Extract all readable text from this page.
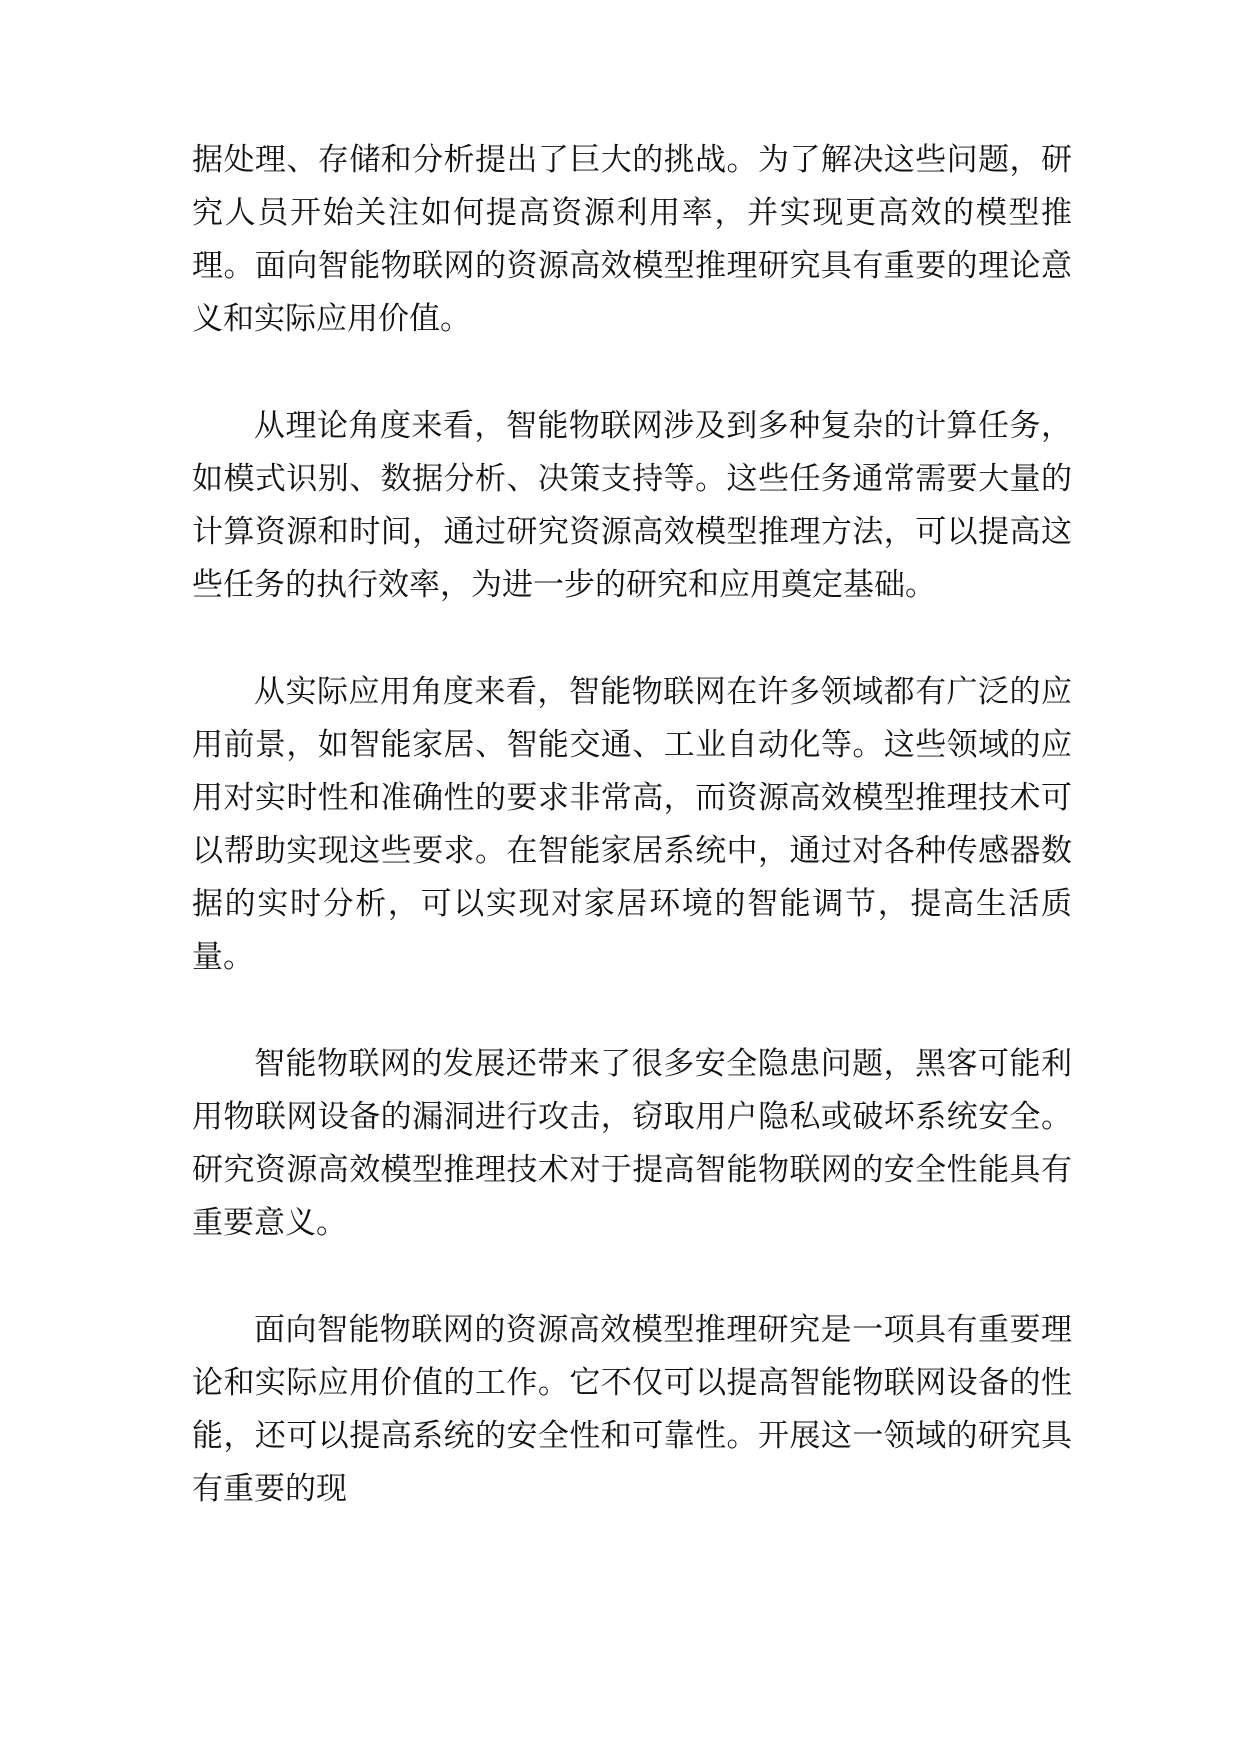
据处理、存储和分析提出了巨大的挑战。为了解决这些问题，研究人员开始关注如何提高资源利用率，并实现更高效的模型推理。面向智能物联网的资源高效模型推理研究具有重要的理论意义和实际应用价值。

从理论角度来看，智能物联网涉及到多种复杂的计算任务，如模式识别、数据分析、决策支持等。这些任务通常需要大量的计算资源和时间，通过研究资源高效模型推理方法，可以提高这些任务的执行效率，为进一步的研究和应用奠定基础。

从实际应用角度来看，智能物联网在许多领域都有广泛的应用前景，如智能家居、智能交通、工业自动化等。这些领域的应用对实时性和准确性的要求非常高，而资源高效模型推理技术可以帮助实现这些要求。在智能家居系统中，通过对各种传感器数据的实时分析，可以实现对家居环境的智能调节，提高生活质量。

智能物联网的发展还带来了很多安全隐患问题，黑客可能利用物联网设备的漏洞进行攻击，窃取用户隐私或破坏系统安全。研究资源高效模型推理技术对于提高智能物联网的安全性能具有重要意义。

面向智能物联网的资源高效模型推理研究是一项具有重要理论和实际应用价值的工作。它不仅可以提高智能物联网设备的性能，还可以提高系统的安全性和可靠性。开展这一领域的研究具有重要的现
